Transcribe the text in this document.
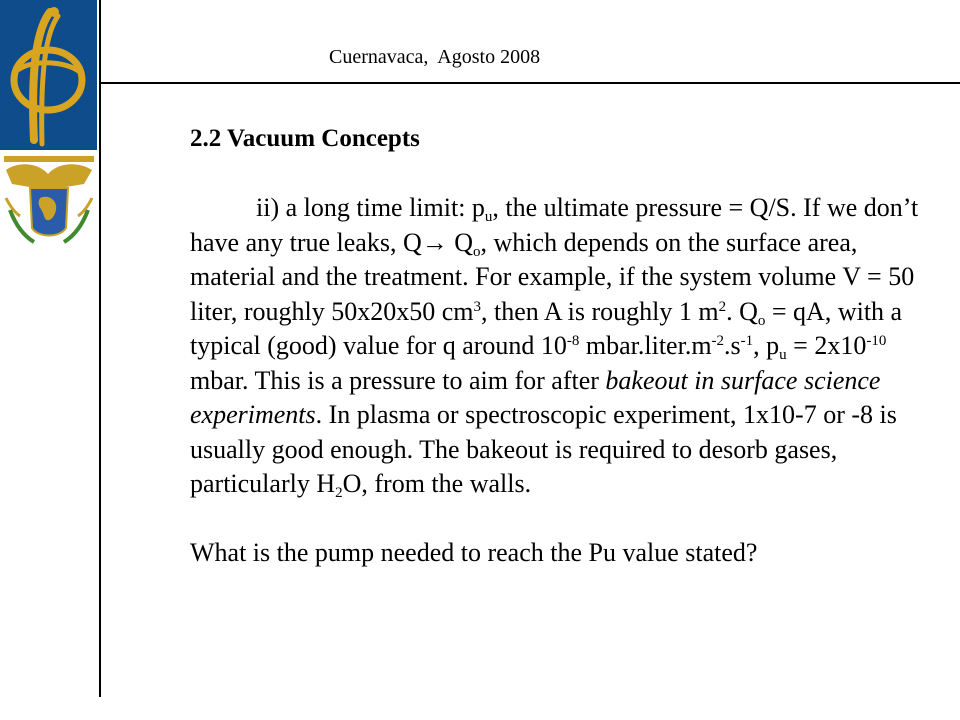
Cuernavaca,  Agosto 2008
2.2 Vacuum Concepts

ii) a long time limit: $p_u$, the ultimate pressure = Q/S. If we don’t have any true leaks, $Q\to Q_o$, which depends on the surface area, material and the treatment. For example, if the system volume V = 50 liter, roughly 50x20x50 $cm^3$, then A is roughly 1 $m^2$. $Q_o$ = qA, with a typical (good) value for q around $10^{-8}$ $mbar.liter.m^{-2}.s^{-1}$, $p_u = 2x10^{-10}$ mbar. This is a pressure to aim for after bakeout in surface science experiments. In plasma or spectroscopic experiment, 1x10-7 or -8 is usually good enough. The bakeout is required to desorb gases, particularly $H_2O$, from the walls.

What is the pump needed to reach the Pu value stated?
